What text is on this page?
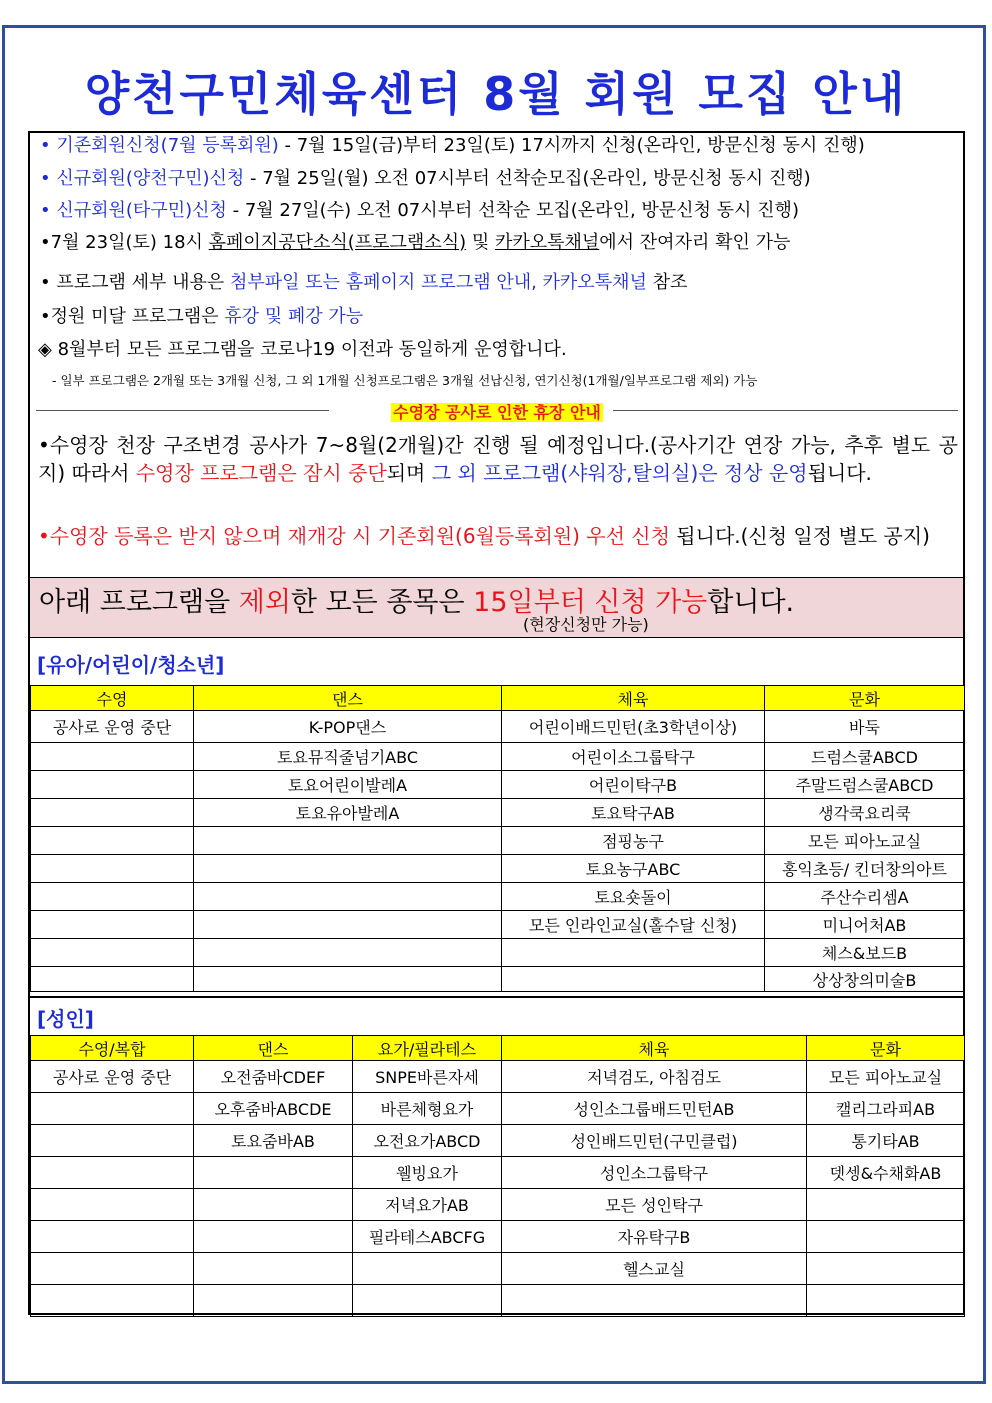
양천구민체육센터 8월 회원 모집 안내
• 기존회원신청(7월 등록회원) - 7월 15일(금)부터 23일(토) 17시까지 신청(온라인, 방문신청 동시 진행)
• 신규회원(양천구민)신청 - 7월 25일(월) 오전 07시부터 선착순모집(온라인, 방문신청 동시 진행)
• 신규회원(타구민)신청 - 7월 27일(수) 오전 07시부터 선착순 모집(온라인, 방문신청 동시 진행)
•7월 23일(토) 18시 홈페이지공단소식(프로그램소식) 및 카카오톡채널에서 잔여자리 확인 가능
• 프로그램 세부 내용은 첨부파일 또는 홈페이지 프로그램 안내, 카카오톡채널 참조
•정원 미달 프로그램은 휴강 및 폐강 가능
◈ 8월부터 모든 프로그램을 코로나19 이전과 동일하게 운영합니다.
- 일부 프로그램은 2개월 또는 3개월 신청, 그 외 1개월 신청프로그램은 3개월 선납신청, 연기신청(1개월/일부프로그램 제외) 가능
수영장 공사로 인한 휴장 안내
•수영장 천장 구조변경 공사가 7~8월(2개월)간 진행 될 예정입니다.(공사기간 연장 가능, 추후 별도 공지) 따라서 수영장 프로그램은 잠시 중단되며 그 외 프로그램(샤워장,탈의실)은 정상 운영됩니다.
•수영장 등록은 받지 않으며 재개강 시 기존회원(6월등록회원) 우선 신청 됩니다.(신청 일정 별도 공지)
아래 프로그램을 제외한 모든 종목은 15일부터 신청 가능합니다.
(현장신청만 가능)
[유아/어린이/청소년]
수영	댄스	체육	문화
공사로 운영 중단	K-POP댄스	어린이배드민턴(초3학년이상)	바둑
	토요뮤직줄넘기ABC	어린이소그룹탁구	드럼스쿨ABCD
	토요어린이발레A	어린이탁구B	주말드럼스쿨ABCD
	토요유아발레A	토요탁구AB	생각쿡요리쿡
		점핑농구	모든 피아노교실
		토요농구ABC	홍익초등/ 킨더창의아트
		토요숏돌이	주산수리셈A
		모든 인라인교실(홀수달 신청)	미니어처AB
			체스&보드B
			상상창의미술B
[성인]
수영/복합	댄스	요가/필라테스	체육	문화
공사로 운영 중단	오전줌바CDEF	SNPE바른자세	저녁검도, 아침검도	모든 피아노교실
	오후줌바ABCDE	바른체형요가	성인소그룹배드민턴AB	캘리그라피AB
	토요줌바AB	오전요가ABCD	성인배드민턴(구민클럽)	통기타AB
		웰빙요가	성인소그룹탁구	뎃셍&수채화AB
		저녁요가AB	모든 성인탁구	
		필라테스ABCFG	자유탁구B	
			헬스교실	
